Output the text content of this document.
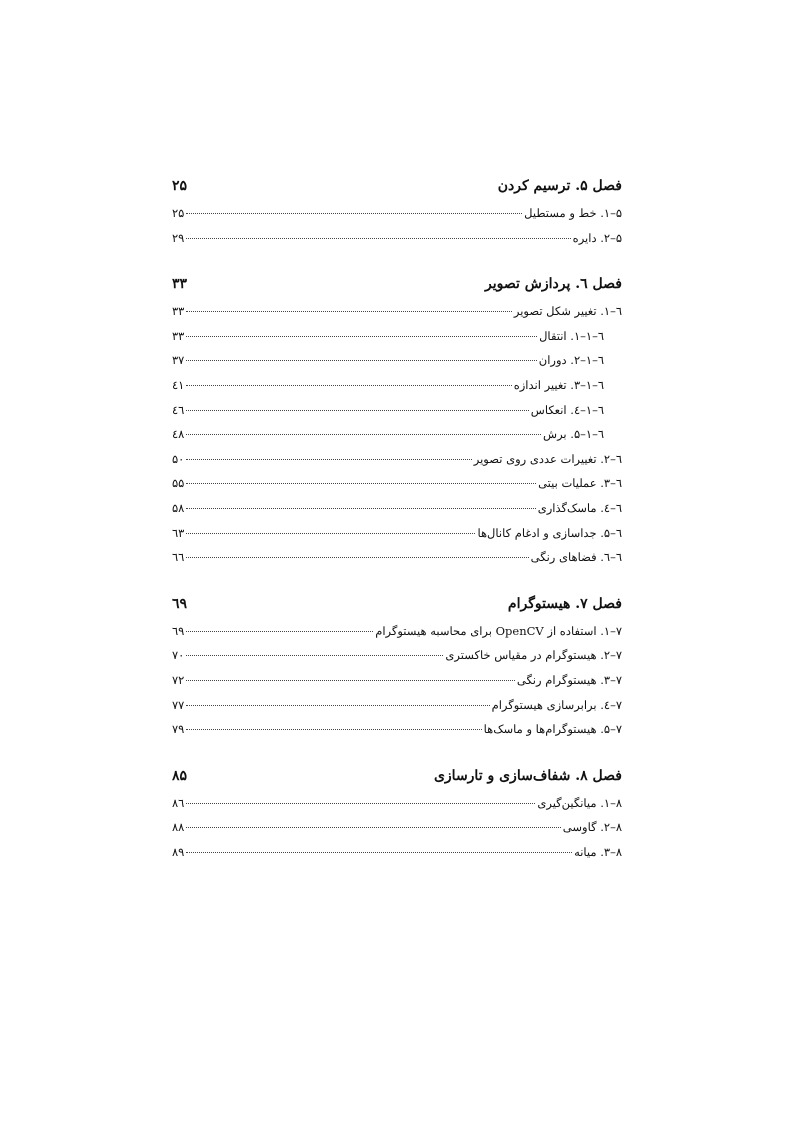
فصل ۵. ترسیم کردن
۲۵
۵–۱. خط و مستطیل
۲۵
۵–۲. دایره
۲۹
فصل ٦. پردازش تصویر
۳۳
٦–۱. تغییر شکل تصویر
۳۳
٦–۱–۱. انتقال
۳۳
٦–۱–۲. دوران
۳۷
٦–۱–۳. تغییر اندازه
٤۱
٦–۱–٤. انعکاس
٤٦
٦–۱–۵. برش
٤۸
٦–۲. تغییرات عددی روی تصویر
۵۰
٦–۳. عملیات بیتی
۵۵
٦–٤. ماسک‌گذاری
۵۸
٦–۵. جداسازی و ادغام کانال‌ها
٦۳
٦–٦. فضاهای رنگی
٦٦
فصل ۷. هیستوگرام
٦۹
۷–۱. استفاده از OpenCV برای محاسبه هیستوگرام
٦۹
۷–۲. هیستوگرام در مقیاس خاکستری
۷۰
۷–۳. هیستوگرام رنگی
۷۲
۷–٤. برابرسازی هیستوگرام
۷۷
۷–۵. هیستوگرام‌ها و ماسک‌ها
۷۹
فصل ۸. شفاف‌سازی و تارسازی
۸۵
۸–۱. میانگین‌گیری
۸٦
۸–۲. گاوسی
۸۸
۸–۳. میانه
۸۹
